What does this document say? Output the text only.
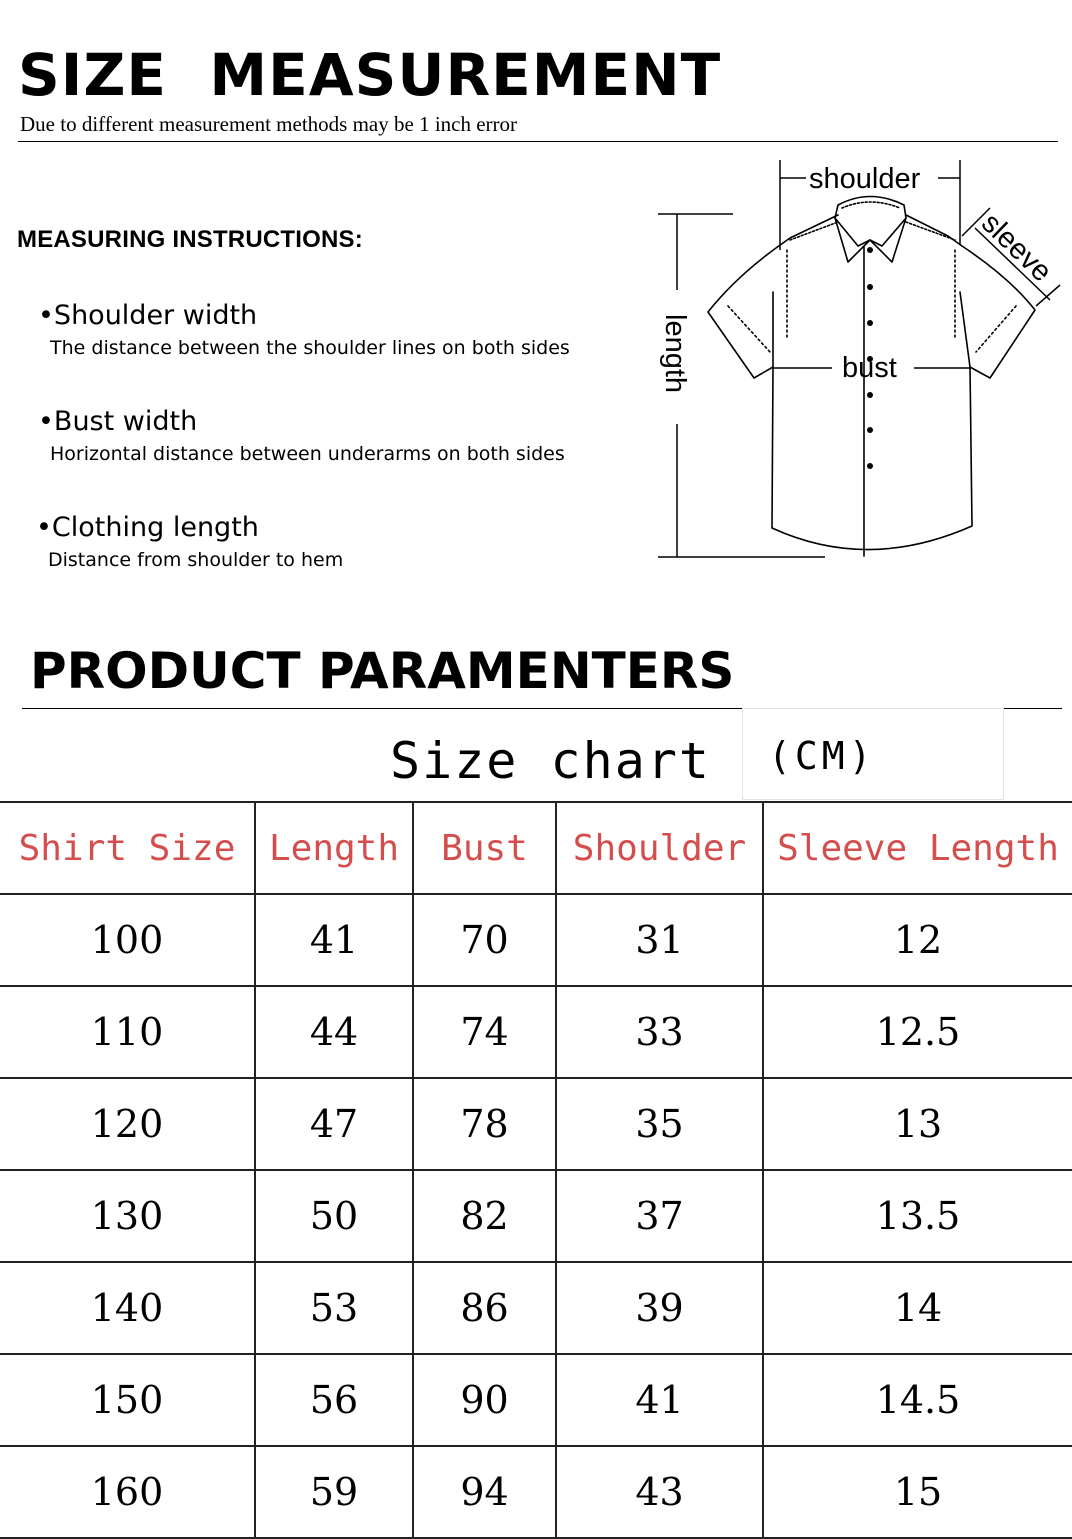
SIZE  MEASUREMENT

Due to different measurement methods may be 1 inch error

MEASURING INSTRUCTIONS:
•Shoulder width
The distance between the shoulder lines on both sides
•Bust width
Horizontal distance between underarms on both sides
•Clothing length
Distance from shoulder to hem
shoulder
sleeve
bust
length
PRODUCT PARAMENTERS
Size chart (CM)
Shirt Size	Length	Bust	Shoulder	Sleeve Length
100	41	70	31	12
110	44	74	33	12.5
120	47	78	35	13
130	50	82	37	13.5
140	53	86	39	14
150	56	90	41	14.5
160	59	94	43	15
